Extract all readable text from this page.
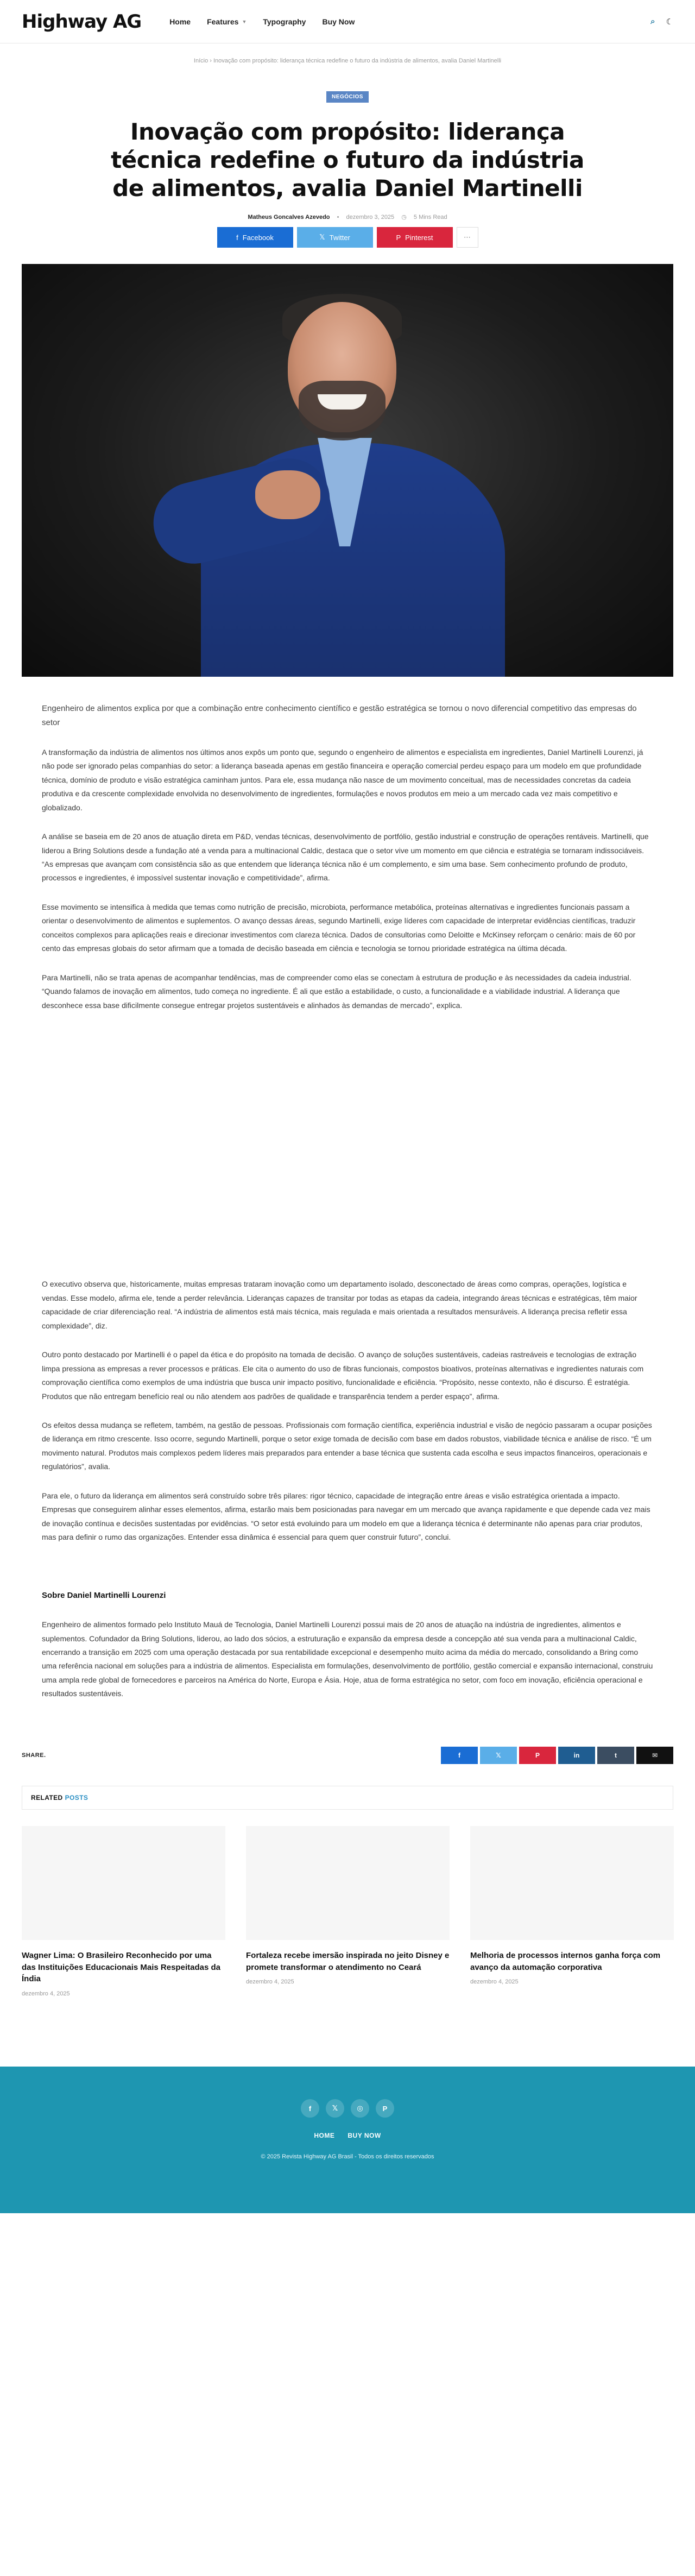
Highway AG	Home Features ▼ Typography Buy Now	⌕ ☾
Início › Inovação com propósito: liderança técnica redefine o futuro da indústria de alimentos, avalia Daniel Martinelli
NEGÓCIOS
Inovação com propósito: liderança técnica redefine o futuro da indústria de alimentos, avalia Daniel Martinelli
Matheus Goncalves Azevedo • dezembro 3, 2025 ◷ 5 Mins Read
f Facebook	𝕏 Twitter	P Pinterest	⋯

Engenheiro de alimentos explica por que a combinação entre conhecimento científico e gestão estratégica se tornou o novo diferencial competitivo das empresas do setor

A transformação da indústria de alimentos nos últimos anos expôs um ponto que, segundo o engenheiro de alimentos e especialista em ingredientes, Daniel Martinelli Lourenzi, já não pode ser ignorado pelas companhias do setor: a liderança baseada apenas em gestão financeira e operação comercial perdeu espaço para um modelo em que profundidade técnica, domínio de produto e visão estratégica caminham juntos. Para ele, essa mudança não nasce de um movimento conceitual, mas de necessidades concretas da cadeia produtiva e da crescente complexidade envolvida no desenvolvimento de ingredientes, formulações e novos produtos em meio a um mercado cada vez mais competitivo e globalizado.

A análise se baseia em de 20 anos de atuação direta em P&D, vendas técnicas, desenvolvimento de portfólio, gestão industrial e construção de operações rentáveis. Martinelli, que liderou a Bring Solutions desde a fundação até a venda para a multinacional Caldic, destaca que o setor vive um momento em que ciência e estratégia se tornaram indissociáveis. “As empresas que avançam com consistência são as que entendem que liderança técnica não é um complemento, e sim uma base. Sem conhecimento profundo de produto, processos e ingredientes, é impossível sustentar inovação e competitividade”, afirma.

Esse movimento se intensifica à medida que temas como nutrição de precisão, microbiota, performance metabólica, proteínas alternativas e ingredientes funcionais passam a orientar o desenvolvimento de alimentos e suplementos. O avanço dessas áreas, segundo Martinelli, exige líderes com capacidade de interpretar evidências científicas, traduzir conceitos complexos para aplicações reais e direcionar investimentos com clareza técnica. Dados de consultorias como Deloitte e McKinsey reforçam o cenário: mais de 60 por cento das empresas globais do setor afirmam que a tomada de decisão baseada em ciência e tecnologia se tornou prioridade estratégica na última década.

Para Martinelli, não se trata apenas de acompanhar tendências, mas de compreender como elas se conectam à estrutura de produção e às necessidades da cadeia industrial. “Quando falamos de inovação em alimentos, tudo começa no ingrediente. É ali que estão a estabilidade, o custo, a funcionalidade e a viabilidade industrial. A liderança que desconhece essa base dificilmente consegue entregar projetos sustentáveis e alinhados às demandas de mercado”, explica.

O executivo observa que, historicamente, muitas empresas trataram inovação como um departamento isolado, desconectado de áreas como compras, operações, logística e vendas. Esse modelo, afirma ele, tende a perder relevância. Lideranças capazes de transitar por todas as etapas da cadeia, integrando áreas técnicas e estratégicas, têm maior capacidade de criar diferenciação real. “A indústria de alimentos está mais técnica, mais regulada e mais orientada a resultados mensuráveis. A liderança precisa refletir essa complexidade”, diz.

Outro ponto destacado por Martinelli é o papel da ética e do propósito na tomada de decisão. O avanço de soluções sustentáveis, cadeias rastreáveis e tecnologias de extração limpa pressiona as empresas a rever processos e práticas. Ele cita o aumento do uso de fibras funcionais, compostos bioativos, proteínas alternativas e ingredientes naturais com comprovação científica como exemplos de uma indústria que busca unir impacto positivo, funcionalidade e eficiência. “Propósito, nesse contexto, não é discurso. É estratégia. Produtos que não entregam benefício real ou não atendem aos padrões de qualidade e transparência tendem a perder espaço”, afirma.

Os efeitos dessa mudança se refletem, também, na gestão de pessoas. Profissionais com formação científica, experiência industrial e visão de negócio passaram a ocupar posições de liderança em ritmo crescente. Isso ocorre, segundo Martinelli, porque o setor exige tomada de decisão com base em dados robustos, viabilidade técnica e análise de risco. “É um movimento natural. Produtos mais complexos pedem líderes mais preparados para entender a base técnica que sustenta cada escolha e seus impactos financeiros, operacionais e regulatórios”, avalia.

Para ele, o futuro da liderança em alimentos será construído sobre três pilares: rigor técnico, capacidade de integração entre áreas e visão estratégica orientada a impacto. Empresas que conseguirem alinhar esses elementos, afirma, estarão mais bem posicionadas para navegar em um mercado que avança rapidamente e que depende cada vez mais de inovação contínua e decisões sustentadas por evidências. “O setor está evoluindo para um modelo em que a liderança técnica é determinante não apenas para criar produtos, mas para definir o rumo das organizações. Entender essa dinâmica é essencial para quem quer construir futuro”, conclui.

Sobre Daniel Martinelli Lourenzi

Engenheiro de alimentos formado pelo Instituto Mauá de Tecnologia, Daniel Martinelli Lourenzi possui mais de 20 anos de atuação na indústria de ingredientes, alimentos e suplementos. Cofundador da Bring Solutions, liderou, ao lado dos sócios, a estruturação e expansão da empresa desde a concepção até sua venda para a multinacional Caldic, encerrando a transição em 2025 com uma operação destacada por sua rentabilidade excepcional e desempenho muito acima da média do mercado, consolidando a Bring como uma referência nacional em soluções para a indústria de alimentos. Especialista em formulações, desenvolvimento de portfólio, gestão comercial e expansão internacional, construiu uma ampla rede global de fornecedores e parceiros na América do Norte, Europa e Ásia. Hoje, atua de forma estratégica no setor, com foco em inovação, eficiência operacional e resultados sustentáveis.

SHARE.	f	𝕏	P	in	t	✉
RELATED POSTS
Wagner Lima: O Brasileiro Reconhecido por uma das Instituições Educacionais Mais Respeitadas da Índia
dezembro 4, 2025
Fortaleza recebe imersão inspirada no jeito Disney e promete transformar o atendimento no Ceará
dezembro 4, 2025
Melhoria de processos internos ganha força com avanço da automação corporativa
dezembro 4, 2025
f	𝕏	◎	P
HOME BUY NOW
© 2025 Revista Highway AG Brasil - Todos os direitos reservados
